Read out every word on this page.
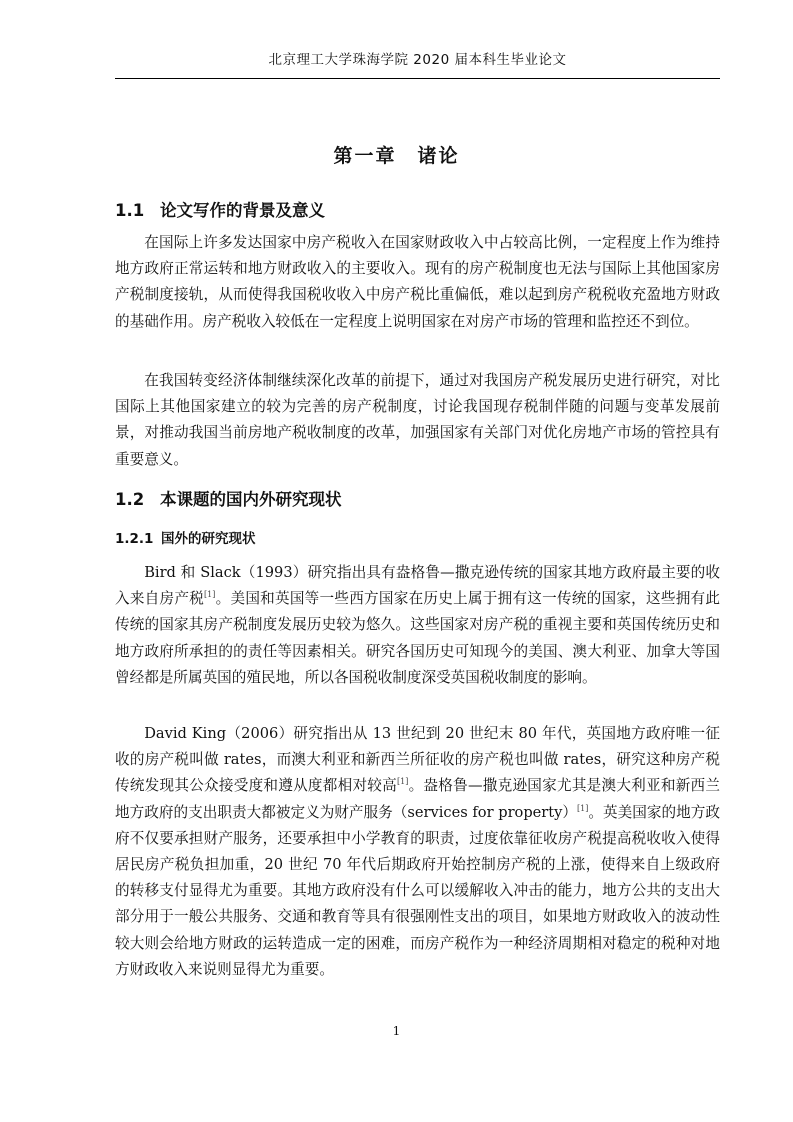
北京理工大学珠海学院 2020 届本科生毕业论文
第一章　诸论
1.1 论文写作的背景及意义

在国际上许多发达国家中房产税收入在国家财政收入中占较高比例，一定程度上作为维持地方政府正常运转和地方财政收入的主要收入。现有的房产税制度也无法与国际上其他国家房产税制度接轨，从而使得我国税收收入中房产税比重偏低，难以起到房产税税收充盈地方财政的基础作用。房产税收入较低在一定程度上说明国家在对房产市场的管理和监控还不到位。

在我国转变经济体制继续深化改革的前提下，通过对我国房产税发展历史进行研究，对比国际上其他国家建立的较为完善的房产税制度，讨论我国现存税制伴随的问题与变革发展前景，对推动我国当前房地产税收制度的改革，加强国家有关部门对优化房地产市场的管控具有重要意义。

1.2 本课题的国内外研究现状
1.2.1 国外的研究现状

Bird 和 Slack（1993）研究指出具有盎格鲁—撒克逊传统的国家其地方政府最主要的收入来自房产税[1]。美国和英国等一些西方国家在历史上属于拥有这一传统的国家，这些拥有此传统的国家其房产税制度发展历史较为悠久。这些国家对房产税的重视主要和英国传统历史和地方政府所承担的的责任等因素相关。研究各国历史可知现今的美国、澳大利亚、加拿大等国曾经都是所属英国的殖民地，所以各国税收制度深受英国税收制度的影响。

David King（2006）研究指出从 13 世纪到 20 世纪末 80 年代，英国地方政府唯一征收的房产税叫做 rates，而澳大利亚和新西兰所征收的房产税也叫做 rates，研究这种房产税传统发现其公众接受度和遵从度都相对较高[1]。盎格鲁—撒克逊国家尤其是澳大利亚和新西兰地方政府的支出职责大都被定义为财产服务（services for property）[1]。英美国家的地方政府不仅要承担财产服务，还要承担中小学教育的职责，过度依靠征收房产税提高税收收入使得居民房产税负担加重，20 世纪 70 年代后期政府开始控制房产税的上涨，使得来自上级政府的转移支付显得尤为重要。其地方政府没有什么可以缓解收入冲击的能力，地方公共的支出大部分用于一般公共服务、交通和教育等具有很强刚性支出的项目，如果地方财政收入的波动性较大则会给地方财政的运转造成一定的困难，而房产税作为一种经济周期相对稳定的税种对地方财政收入来说则显得尤为重要。

1
